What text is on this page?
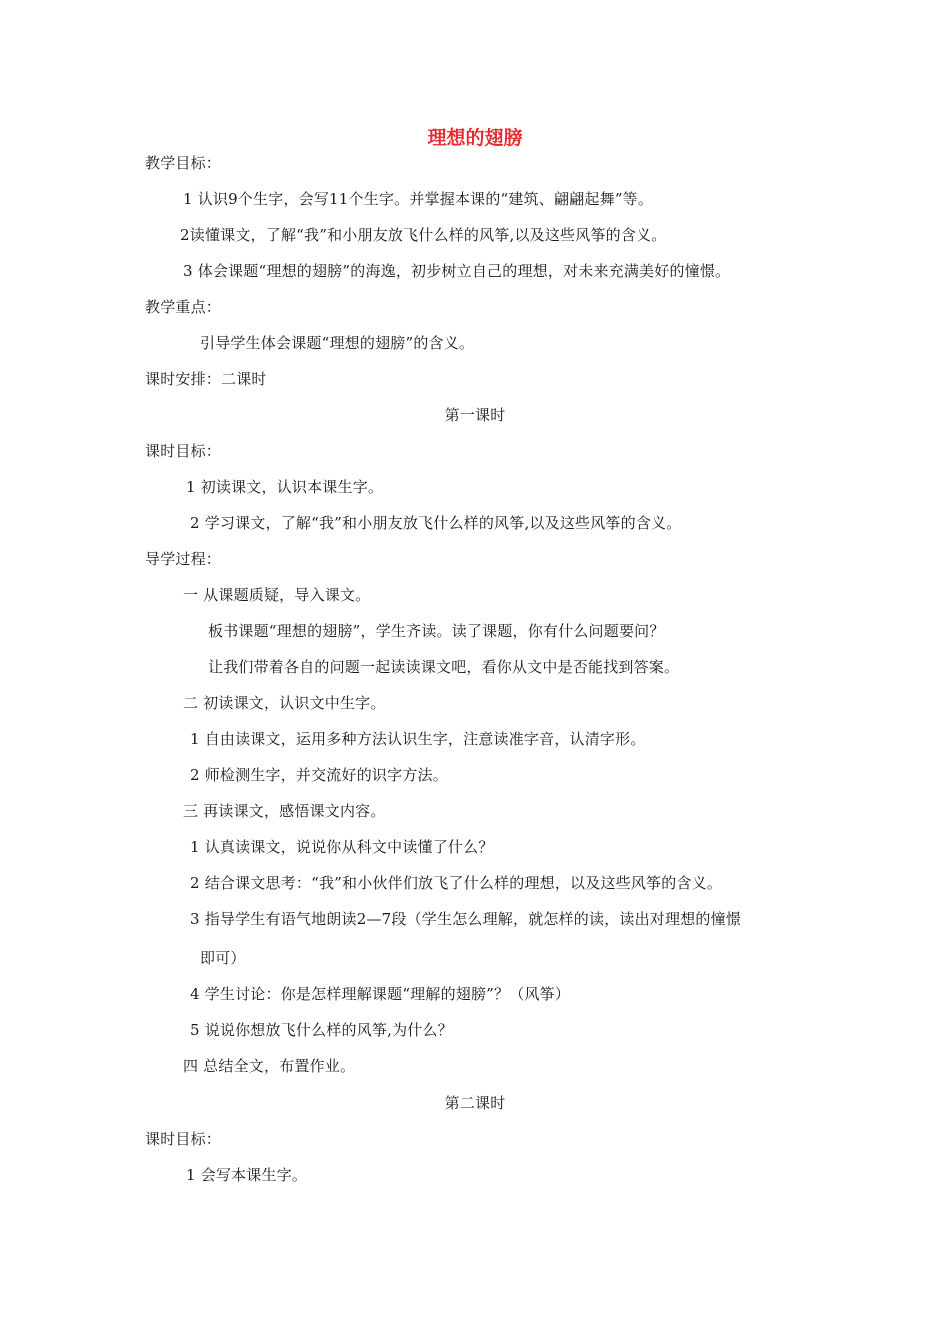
理想的翅膀
教学目标：
1 认识9个生字，会写11个生字。并掌握本课的“建筑、翩翩起舞”等。
2读懂课文，了解“我”和小朋友放飞什么样的风筝,以及这些风筝的含义。
3 体会课题“理想的翅膀”的海逸，初步树立自己的理想，对未来充满美好的憧憬。
教学重点：
引导学生体会课题“理想的翅膀”的含义。
课时安排：二课时
第一课时
课时目标：
1 初读课文，认识本课生字。
2 学习课文，了解“我”和小朋友放飞什么样的风筝,以及这些风筝的含义。
导学过程：
一 从课题质疑，导入课文。
板书课题“理想的翅膀”，学生齐读。读了课题，你有什么问题要问？
让我们带着各自的问题一起读读课文吧，看你从文中是否能找到答案。
二 初读课文，认识文中生字。
1 自由读课文，运用多种方法认识生字，注意读准字音，认清字形。
2 师检测生字，并交流好的识字方法。
三 再读课文，感悟课文内容。
1 认真读课文，说说你从科文中读懂了什么？
2 结合课文思考：“我”和小伙伴们放飞了什么样的理想，以及这些风筝的含义。
3 指导学生有语气地朗读2—7段（学生怎么理解，就怎样的读，读出对理想的憧憬
即可）
4 学生讨论：你是怎样理解课题“理解的翅膀”？（风筝）
5 说说你想放飞什么样的风筝,为什么？
四 总结全文，布置作业。
第二课时
课时目标：
1 会写本课生字。
